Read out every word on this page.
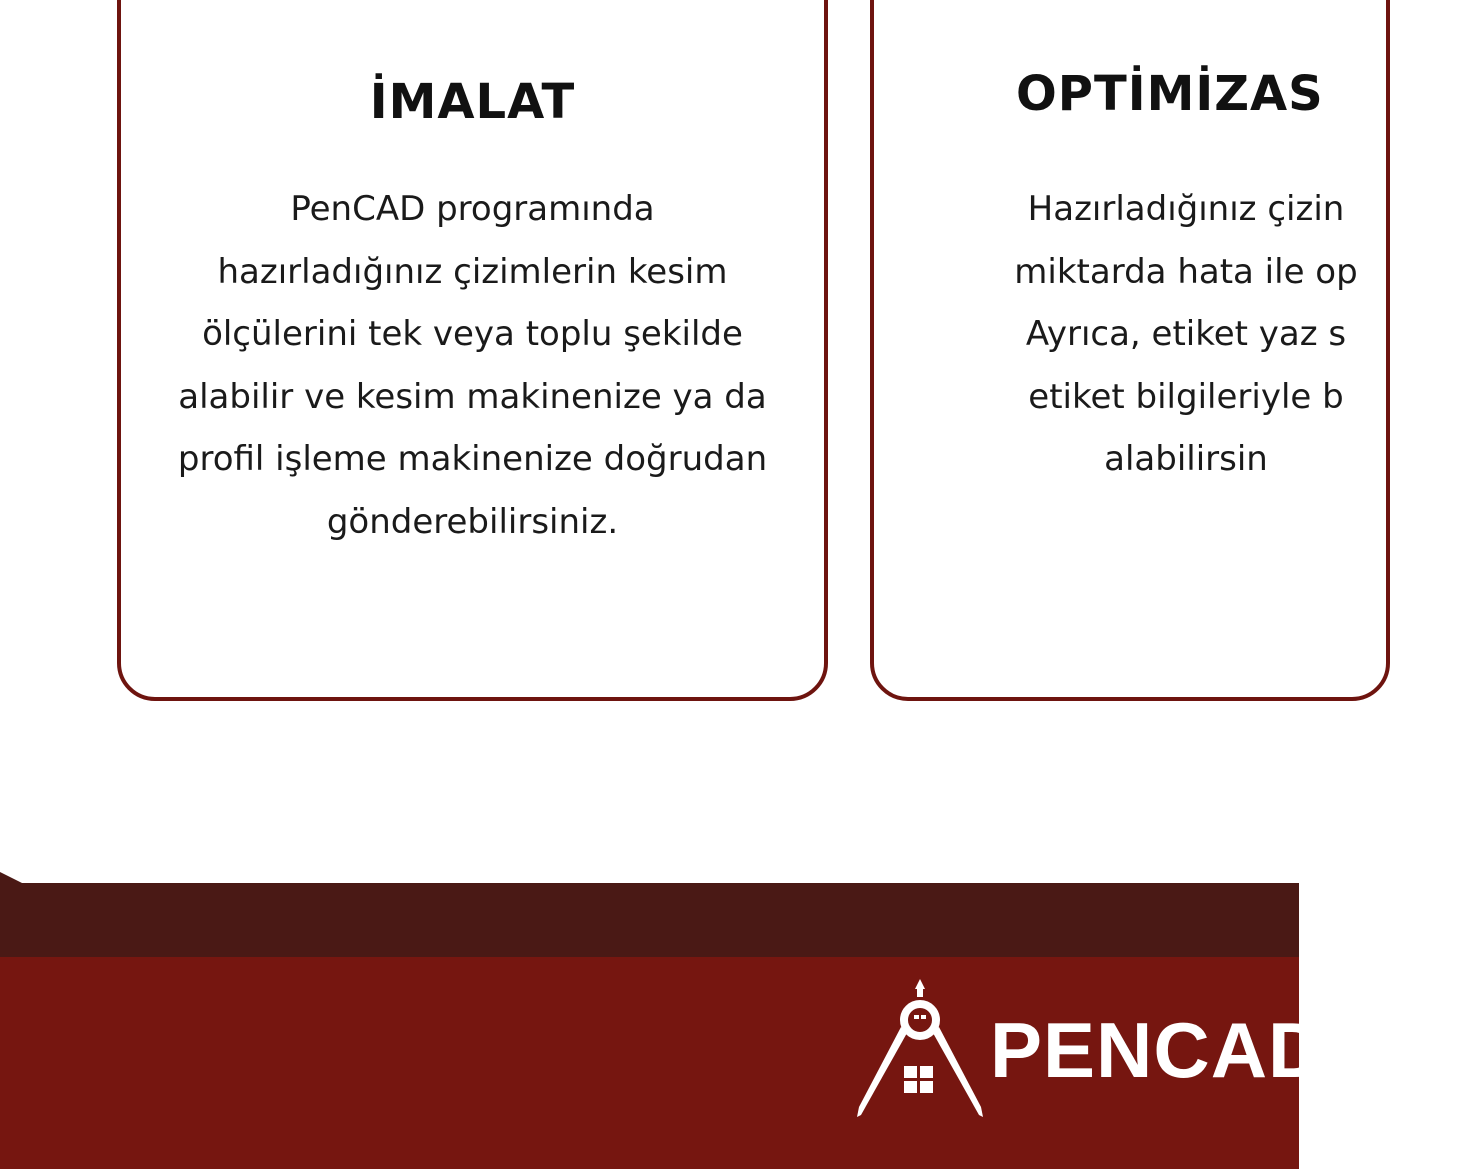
İMALAT

PenCAD programında
hazırladığınız çizimlerin kesim
ölçülerini tek veya toplu şekilde
alabilir ve kesim makinenize ya da
profil işleme makinenize doğrudan
gönderebilirsiniz.

OPTİMİZAS

Hazırladığınız çizin
miktarda hata ile op
Ayrıca, etiket yaz s
etiket bilgileriyle b
alabilirsin

PENCAD
